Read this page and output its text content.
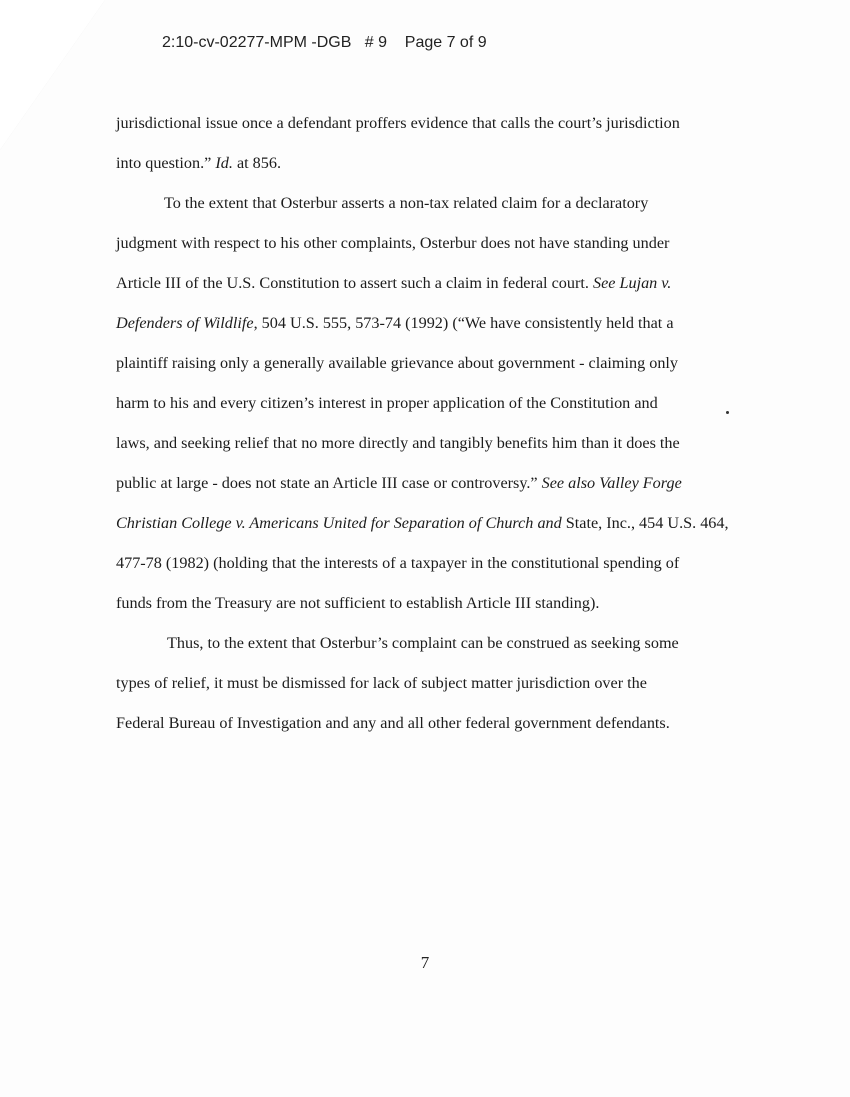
2:10-cv-02277-MPM -DGB # 9 Page 7 of 9
jurisdictional issue once a defendant proffers evidence that calls the court’s jurisdiction
into question.” Id. at 856.
To the extent that Osterbur asserts a non-tax related claim for a declaratory
judgment with respect to his other complaints, Osterbur does not have standing under
Article III of the U.S. Constitution to assert such a claim in federal court. See Lujan v.
Defenders of Wildlife, 504 U.S. 555, 573-74 (1992) (“We have consistently held that a
plaintiff raising only a generally available grievance about government - claiming only
harm to his and every citizen’s interest in proper application of the Constitution and
laws, and seeking relief that no more directly and tangibly benefits him than it does the
public at large - does not state an Article III case or controversy.” See also Valley Forge
Christian College v. Americans United for Separation of Church and State, Inc., 454 U.S. 464,
477-78 (1982) (holding that the interests of a taxpayer in the constitutional spending of
funds from the Treasury are not sufficient to establish Article III standing).
Thus, to the extent that Osterbur’s complaint can be construed as seeking some
types of relief, it must be dismissed for lack of subject matter jurisdiction over the
Federal Bureau of Investigation and any and all other federal government defendants.
7
